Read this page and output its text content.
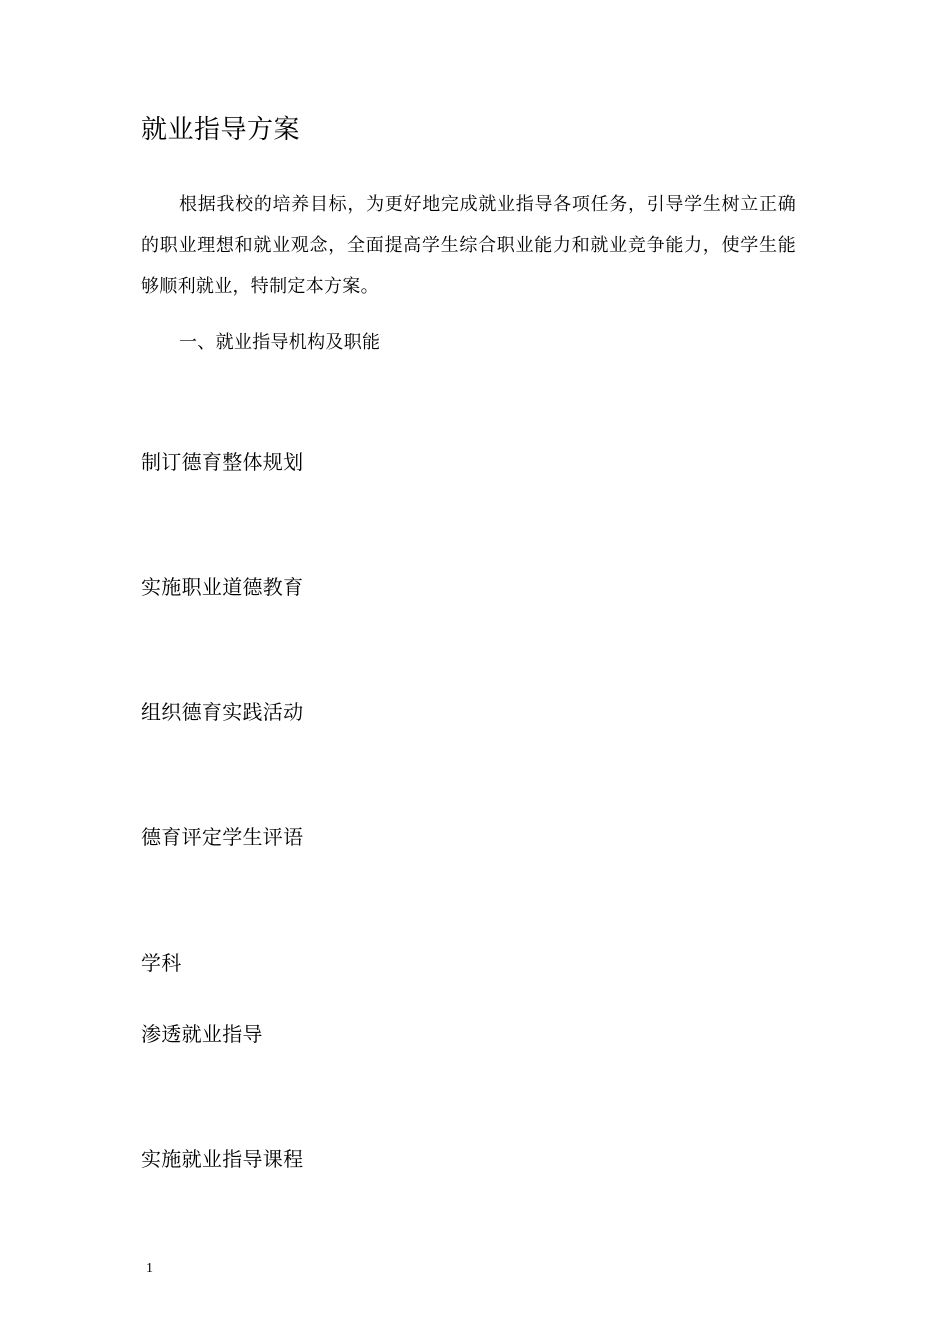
就业指导方案

根据我校的培养目标，为更好地完成就业指导各项任务，引导学生树立正确的职业理想和就业观念，全面提高学生综合职业能力和就业竞争能力，使学生能够顺利就业，特制定本方案。

一、就业指导机构及职能
制订德育整体规划
实施职业道德教育
组织德育实践活动
德育评定学生评语
学科
渗透就业指导
实施就业指导课程
1
